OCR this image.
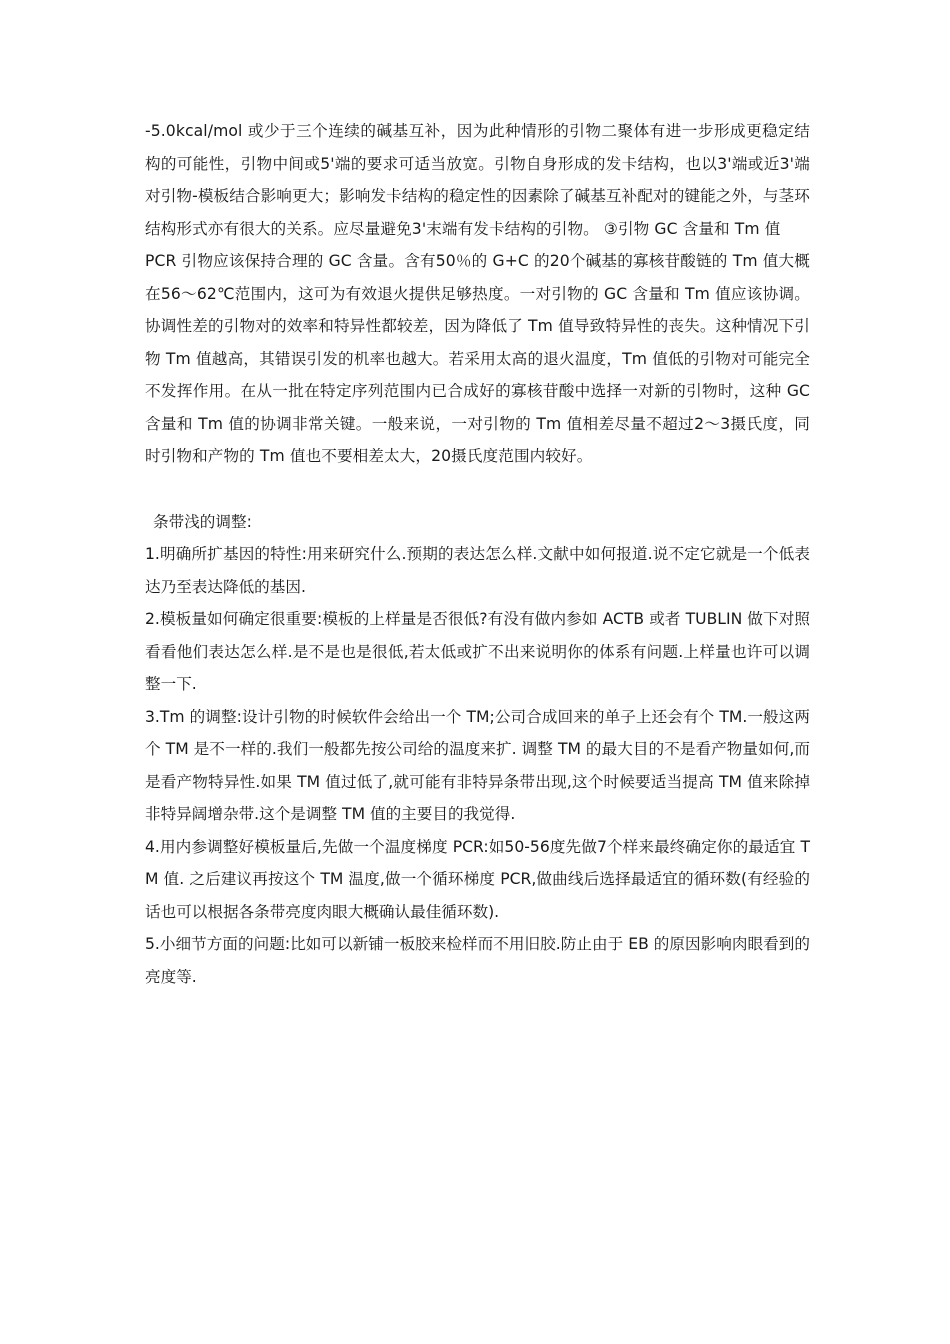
-5.0kcal/mol 或少于三个连续的碱基互补，因为此种情形的引物二聚体有进一步形成更稳定结构的可能性，引物中间或5'端的要求可适当放宽。引物自身形成的发卡结构，也以3'端或近3'端对引物-模板结合影响更大；影响发卡结构的稳定性的因素除了碱基互补配对的键能之外，与茎环结构形式亦有很大的关系。应尽量避免3'末端有发卡结构的引物。 ③引物 GC 含量和 Tm 值

PCR 引物应该保持合理的 GC 含量。含有50％的 G+C 的20个碱基的寡核苷酸链的 Tm 值大概在56～62℃范围内，这可为有效退火提供足够热度。一对引物的 GC 含量和 Tm 值应该协调。协调性差的引物对的效率和特异性都较差，因为降低了 Tm 值导致特异性的丧失。这种情况下引物 Tm 值越高，其错误引发的机率也越大。若采用太高的退火温度，Tm 值低的引物对可能完全不发挥作用。在从一批在特定序列范围内已合成好的寡核苷酸中选择一对新的引物时，这种 GC 含量和 Tm 值的协调非常关键。一般来说，一对引物的 Tm 值相差尽量不超过2～3摄氏度，同时引物和产物的 Tm 值也不要相差太大，20摄氏度范围内较好。

条带浅的调整:

1.明确所扩基因的特性:用来研究什么.预期的表达怎么样.文献中如何报道.说不定它就是一个低表达乃至表达降低的基因.

2.模板量如何确定很重要:模板的上样量是否很低?有没有做内参如 ACTB 或者 TUBLIN 做下对照看看他们表达怎么样.是不是也是很低,若太低或扩不出来说明你的体系有问题.上样量也许可以调整一下.

3.Tm 的调整:设计引物的时候软件会给出一个 TM;公司合成回来的单子上还会有个 TM.一般这两个 TM 是不一样的.我们一般都先按公司给的温度来扩. 调整 TM 的最大目的不是看产物量如何,而是看产物特异性.如果 TM 值过低了,就可能有非特异条带出现,这个时候要适当提高 TM 值来除掉非特异阔增杂带.这个是调整 TM 值的主要目的我觉得.

4.用内参调整好模板量后,先做一个温度梯度 PCR:如50-56度先做7个样来最终确定你的最适宜 TM 值. 之后建议再按这个 TM 温度,做一个循环梯度 PCR,做曲线后选择最适宜的循环数(有经验的话也可以根据各条带亮度肉眼大概确认最佳循环数).

5.小细节方面的问题:比如可以新铺一板胶来检样而不用旧胶.防止由于 EB 的原因影响肉眼看到的亮度等.
